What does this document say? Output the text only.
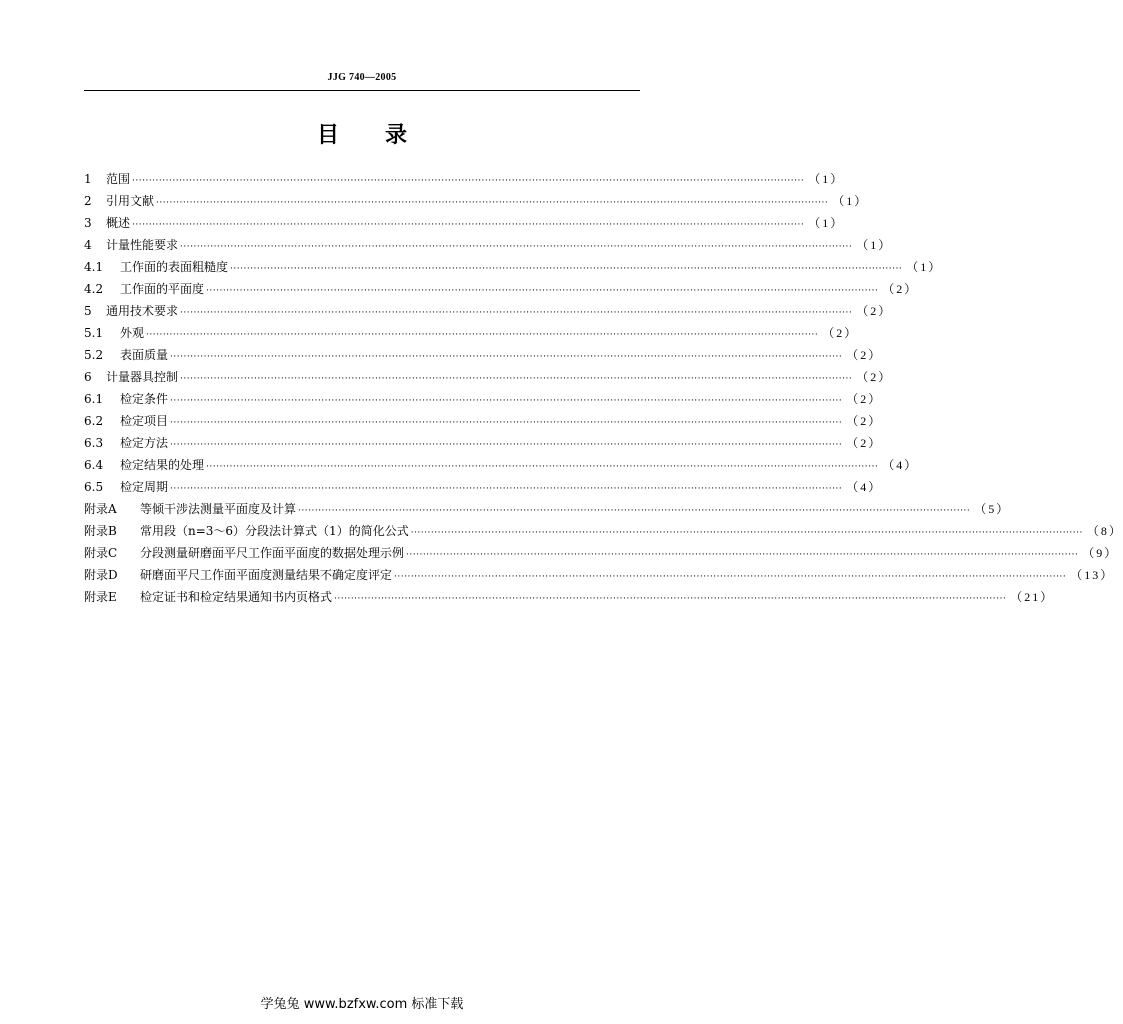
JJG 740—2005
目录
1	范围 ········································································································································································································ （1）
2	引用文献 ········································································································································································································ （1）
3	概述 ········································································································································································································ （1）
4	计量性能要求 ········································································································································································································ （1）
4.1	工作面的表面粗糙度 ········································································································································································································ （1）
4.2	工作面的平面度 ········································································································································································································ （2）
5	通用技术要求 ········································································································································································································ （2）
5.1	外观 ········································································································································································································ （2）
5.2	表面质量 ········································································································································································································ （2）
6	计量器具控制 ········································································································································································································ （2）
6.1	检定条件 ········································································································································································································ （2）
6.2	检定项目 ········································································································································································································ （2）
6.3	检定方法 ········································································································································································································ （2）
6.4	检定结果的处理 ········································································································································································································ （4）
6.5	检定周期 ········································································································································································································ （4）
附录A	等倾干涉法测量平面度及计算 ········································································································································································································ （5）
附录B	常用段（n=3～6）分段法计算式（1）的简化公式 ········································································································································································································ （8）
附录C	分段测量研磨面平尺工作面平面度的数据处理示例 ········································································································································································································ （9）
附录D	研磨面平尺工作面平面度测量结果不确定度评定 ········································································································································································································ （13）
附录E	检定证书和检定结果通知书内页格式 ········································································································································································································ （21）
学兔兔 www.bzfxw.com 标准下载
